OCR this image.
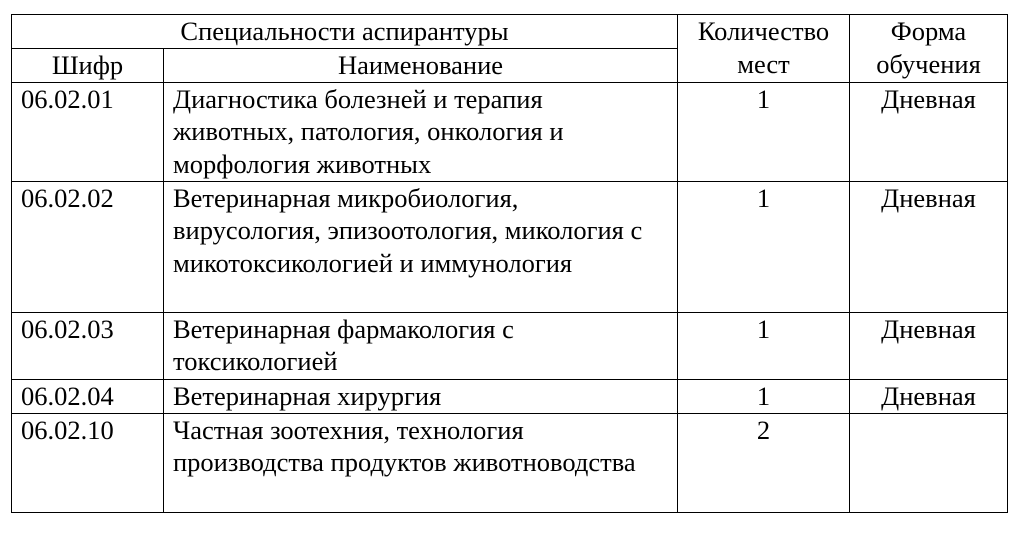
Специальности аспирантуры		Количество мест	Форма обучения
Шифр	Наименование		
06.02.01	Диагностика болезней и терапия животных, патология, онкология и морфология животных	1	Дневная
06.02.02	Ветеринарная микробиология, вирусология, эпизоотология, микология с микотоксикологией и иммунология	1	Дневная
06.02.03	Ветеринарная фармакология с токсикологией	1	Дневная
06.02.04	Ветеринарная хирургия	1	Дневная
06.02.10	Частная зоотехния, технология производства продуктов животноводства	2	
